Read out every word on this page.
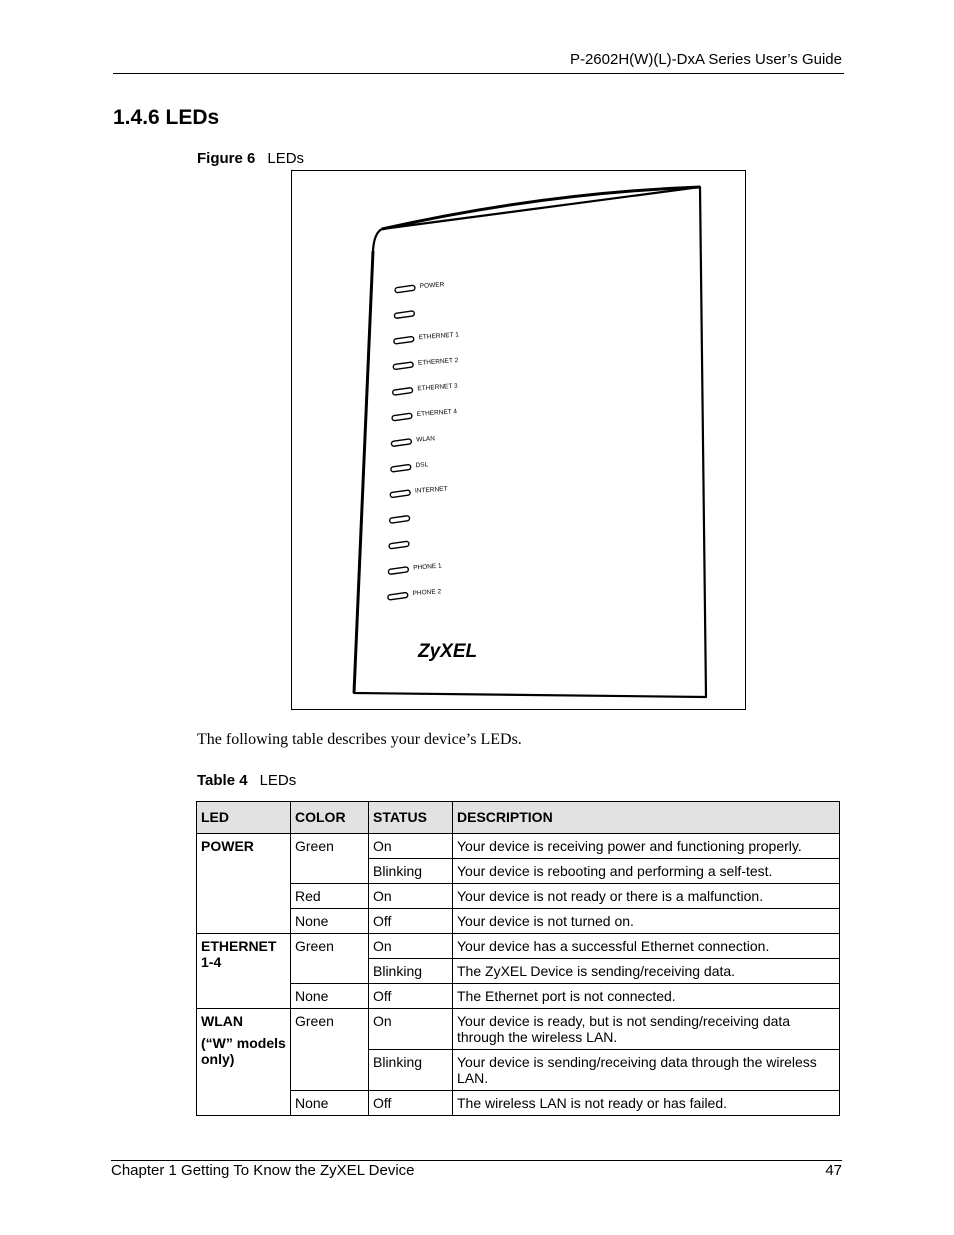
P-2602H(W)(L)-DxA Series User’s Guide
1.4.6 LEDs
Figure 6 LEDs
POWER
ETHERNET 1
ETHERNET 2
ETHERNET 3
ETHERNET 4
WLAN
DSL
INTERNET
PHONE 1
PHONE 2
ZyXEL
The following table describes your device’s LEDs.
Table 4 LEDs
LED	COLOR	STATUS	DESCRIPTION
POWER	Green	On	Your device is receiving power and functioning properly.
		Blinking	Your device is rebooting and performing a self-test.
	Red	On	Your device is not ready or there is a malfunction.
	None	Off	Your device is not turned on.
ETHERNET 1-4	Green	On	Your device has a successful Ethernet connection.
		Blinking	The ZyXEL Device is sending/receiving data.
	None	Off	The Ethernet port is not connected.
WLAN
(“W” models only)	Green	On	Your device is ready, but is not sending/receiving data through the wireless LAN.
		Blinking	Your device is sending/receiving data through the wireless LAN.
	None	Off	The wireless LAN is not ready or has failed.
Chapter 1 Getting To Know the ZyXEL Device	47
